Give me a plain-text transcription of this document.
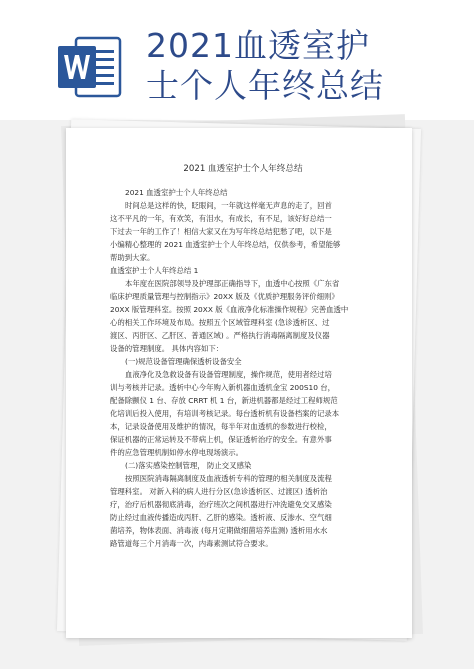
2021血透室护
士个人年终总结
2021 血透室护士个人年终总结
2021 血透室护士个人年终总结
时间总是这样的快，眨眼间，一年就这样毫无声息的走了，回首
这不平凡的一年，有欢笑，有泪水，有成长，有不足，该好好总结一
下过去一年的工作了！相信大家又在为写年终总结犯愁了吧，以下是
小编精心整理的 2021 血透室护士个人年终总结，仅供参考，希望能够
帮助到大家。
血透室护士个人年终总结 1
本年度在医院部领导及护理部正确指导下，血透中心按照《广东省
临床护理质量管理与控制指示》20XX 版及《优质护理服务评价细则》
20XX 版管理科室。按照 20XX 版《血液净化标准操作规程》完善血透中
心的相关工作环境及布局。按照五个区域管理科室 (急诊透析区、过
渡区、丙肝区、乙肝区、普通区域) 。严格执行消毒隔离制度及仪器
设备的管理制度。 具体内容如下：
(一)规范设备管理确保透析设备安全
血液净化及急救设备有设备管理制度，操作规范，使用者经过培
训与考核并记录。透析中心今年购入新机器血透机金宝 200S10 台，
配备除颤仪 1 台、存放 CRRT 机 1 台，新进机器都是经过工程师规范
化培训后投入使用，有培训考核记录。每台透析机有设备档案的记录本
本，记录设备使用及维护的情况，每半年对血透机的参数进行校检，
保证机器的正常运转及不带病上机，保证透析治疗的安全。有意外事
件的应急管理机制如停水停电现场演示。
(二)落实感染控制管理， 防止交叉感染
按照医院消毒隔离制度及血液透析专科的管理的相关制度及流程
管理科室。 对新入科的病人进行分区(急诊透析区、过渡区) 透析治
疗，治疗后机器彻底消毒，治疗班次之间机器进行冲洗避免交叉感染
防止经过血液传播造成丙肝、乙肝的感染。透析液、反渗水、空气细
菌培养，物体表面、消毒液 (每月定期做细菌培养监测) 透析用水水
路管道每三个月消毒一次，内毒素测试符合要求。
